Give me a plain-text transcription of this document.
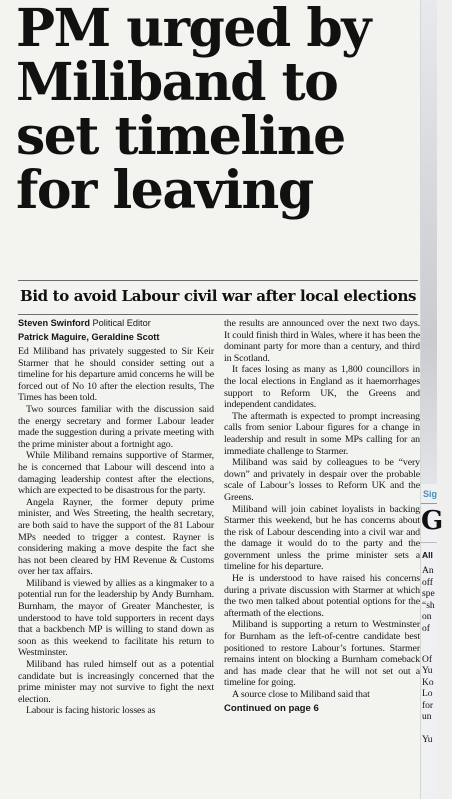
PM urged by
Miliband to
set timeline
for leaving
Bid to avoid Labour civil war after local elections
Steven Swinford Political Editor
Patrick Maguire, Geraldine Scott

Ed Miliband has privately suggested to Sir Keir Starmer that he should consider setting out a timeline for his departure amid concerns he will be forced out of No 10 after the election results, The Times has been told.

Two sources familiar with the discussion said the energy secretary and former Labour leader made the suggestion during a private meeting with the prime minister about a fortnight ago.

While Miliband remains supportive of Starmer, he is concerned that Labour will descend into a damaging leadership contest after the elections, which are expected to be disastrous for the party.

Angela Rayner, the former deputy prime minister, and Wes Streeting, the health secretary, are both said to have the support of the 81 Labour MPs needed to trigger a contest. Rayner is considering making a move despite the fact she has not been cleared by HM Revenue & Customs over her tax affairs.

Miliband is viewed by allies as a kingmaker to a potential run for the leadership by Andy Burnham. Burnham, the mayor of Greater Manchester, is understood to have told supporters in recent days that a backbench MP is willing to stand down as soon as this weekend to facilitate his return to Westminster.

Miliband has ruled himself out as a potential candidate but is increasingly concerned that the prime minister may not survive to fight the next election.

Labour is facing historic losses as

the results are announced over the next two days. It could finish third in Wales, where it has been the dominant party for more than a century, and third in Scotland.

It faces losing as many as 1,800 councillors in the local elections in England as it haemorrhages support to Reform UK, the Greens and independent candidates.

The aftermath is expected to prompt increasing calls from senior Labour figures for a change in leadership and result in some MPs calling for an immediate challenge to Starmer.

Miliband was said by colleagues to be “very down” and privately in despair over the probable scale of Labour’s losses to Reform UK and the Greens.

Miliband will join cabinet loyalists in backing Starmer this weekend, but he has concerns about the risk of Labour descending into a civil war and the damage it would do to the party and the government unless the prime minister sets a timeline for his departure.

He is understood to have raised his concerns during a private discussion with Starmer at which the two men talked about potential options for the aftermath of the elections.

Miliband is supporting a return to Westminster for Burnham as the left-of-centre candidate best positioned to restore Labour’s fortunes. Starmer remains intent on blocking a Burnham comeback and has made clear that he will not set out a timeline for going.

A source close to Miliband said that

Continued on page 6
Sig
G
All
An
off
spe
“sh
on
of
Of
Yu
Ko
Lo
for
un
Yu
